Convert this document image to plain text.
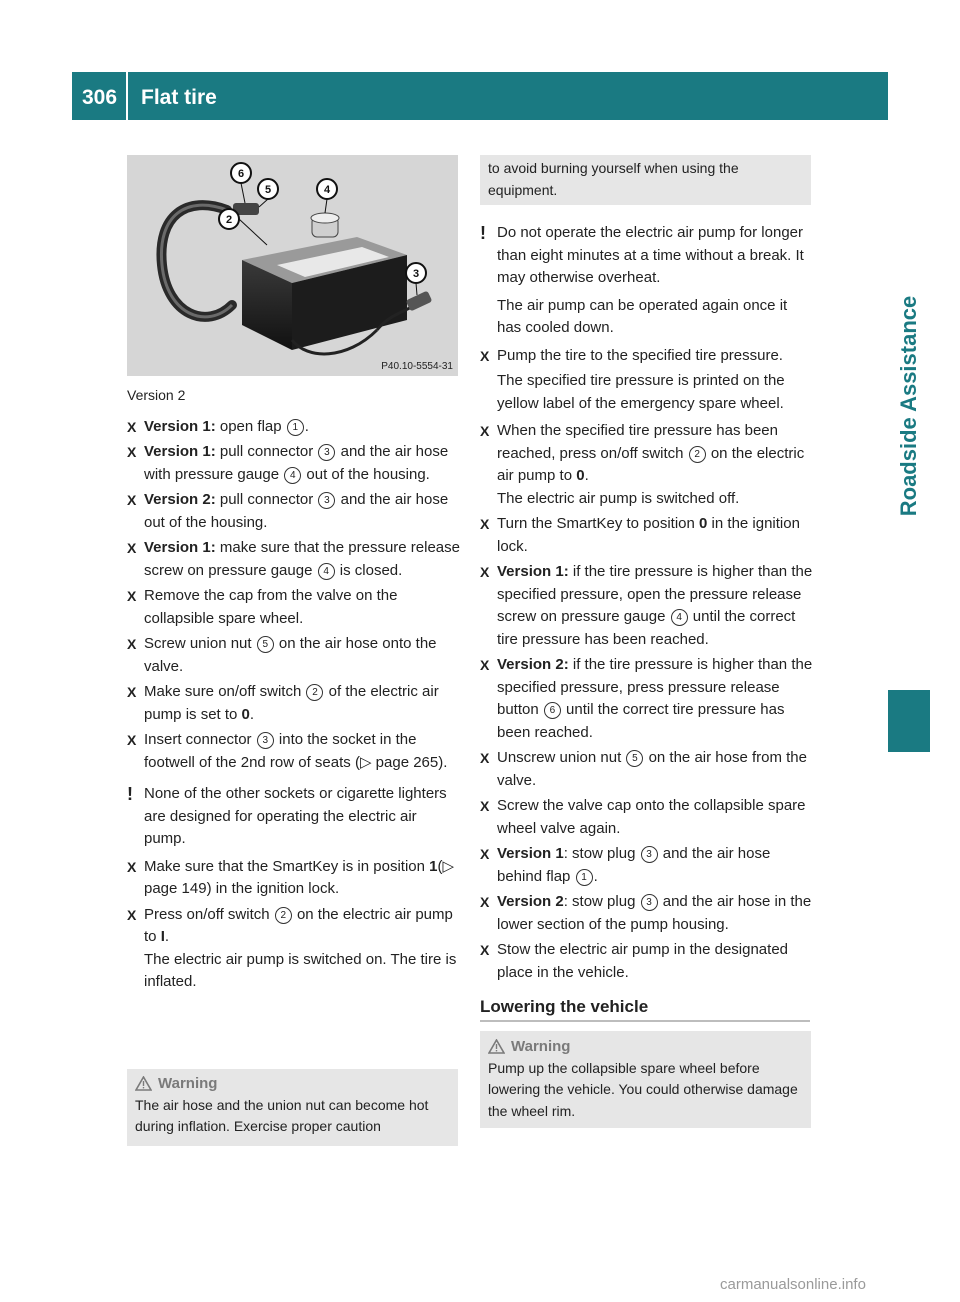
306 Flat tire
Roadside Assistance
6
5	4
2
3
P40.10-5554-31
Version 2
X Version 1: open flap 1 .
X Version 1: pull connector 3 and the air hose with pressure gauge 4 out of the housing.
X Version 2: pull connector 3 and the air hose out of the housing.
X Version 1: make sure that the pressure release screw on pressure gauge 4 is closed.
X Remove the cap from the valve on the collapsible spare wheel.
X Screw union nut 5 on the air hose onto the valve.
X Make sure on/off switch 2 of the electric air pump is set to 0.
X Insert connector 3 into the socket in the footwell of the 2nd row of seats (▷ page 265).
! None of the other sockets or cigarette lighters are designed for operating the electric air pump.
X Make sure that the SmartKey is in position 1(▷ page 149) in the ignition lock.
X Press on/off switch 2 on the electric air pump to I.
The electric air pump is switched on. The tire is inflated.
Warning
The air hose and the union nut can become hot during inflation. Exercise proper caution
to avoid burning yourself when using the equipment.
! Do not operate the electric air pump for longer than eight minutes at a time without a break. It may otherwise overheat.
The air pump can be operated again once it has cooled down.
X Pump the tire to the specified tire pressure.
The specified tire pressure is printed on the yellow label of the emergency spare wheel.
X When the specified tire pressure has been reached, press on/off switch 2 on the electric air pump to 0.
The electric air pump is switched off.
X Turn the SmartKey to position 0 in the ignition lock.
X Version 1: if the tire pressure is higher than the specified pressure, open the pressure release screw on pressure gauge 4 until the correct tire pressure has been reached.
X Version 2: if the tire pressure is higher than the specified pressure, press pressure release button 6 until the correct tire pressure has been reached.
X Unscrew union nut 5 on the air hose from the valve.
X Screw the valve cap onto the collapsible spare wheel valve again.
X Version 1: stow plug 3 and the air hose behind flap 1 .
X Version 2: stow plug 3 and the air hose in the lower section of the pump housing.
X Stow the electric air pump in the designated place in the vehicle.
Lowering the vehicle
Warning
Pump up the collapsible spare wheel before lowering the vehicle. You could otherwise damage the wheel rim.
carmanualsonline.info
